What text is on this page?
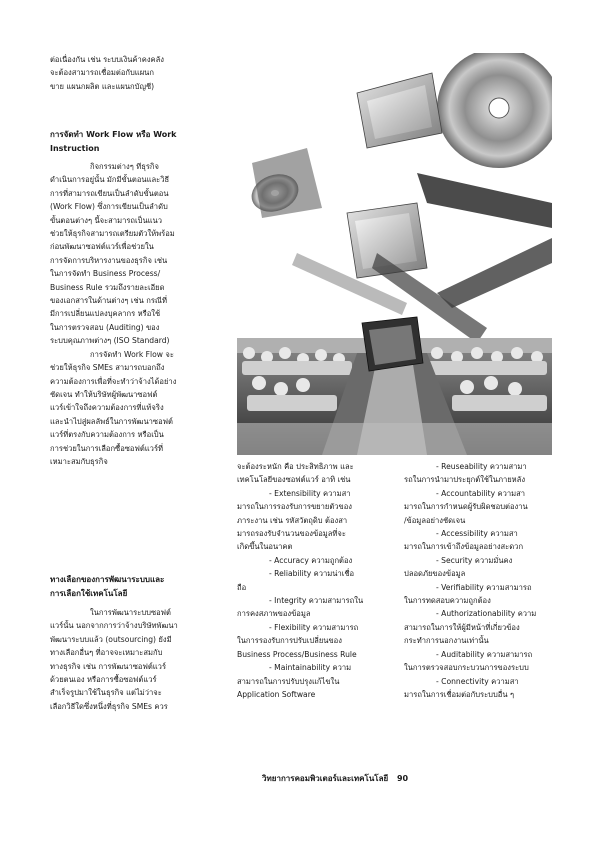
ต่อเนื่องกัน เช่น ระบบเงินค้าคงคลัง
จะต้องสามารถเชื่อมต่อกับแผนก
ขาย แผนกผลิต และแผนกบัญชี)
การจัดทำ Work Flow หรือ Work
Instruction
กิจกรรมต่างๆ ทีธุรกิจ
ดำเนินการอยู่นั้น มักมีขั้นตอนและวิธี
การที่สามารถเขียนเป็นลำดับขั้นตอน
(Work Flow) ซึ่งการเขียนเป็นลำดับ
ขั้นตอนต่างๆ นี้จะสามารถเป็นแนว
ช่วยให้ธุรกิจสามารถเตรียมตัวให้พร้อม
ก่อนพัฒนาซอฟต์แวร์เพื่อช่วยใน
การจัดการบริหารงานของธุรกิจ เช่น
ในการจัดทำ Business Process/
Business Rule รวมถึงรายละเอียด
ของเอกสารในด้านต่างๆ เช่น กรณีที่
มีการเปลี่ยนแปลงบุคลากร หรือใช้
ในการตรวจสอบ (Auditing) ของ
ระบบคุณภาพต่างๆ (ISO Standard)
การจัดทำ Work Flow จะ
ช่วยให้ธุรกิจ SMEs สามารถบอกถึง
ความต้องการเพื่อที่จะทำว่าจ้างได้อย่าง
ชัดเจน ทำให้บริษัทผู้พัฒนาซอฟต์
แวร์เข้าใจถึงความต้องการที่แท้จริง
และนำไปสู่ผลลัพธ์ในการพัฒนาซอฟต์
แวร์ที่ตรงกับความต้องการ หรือเป็น
การช่วยในการเลือกซื้อซอฟต์แวร์ที่
เหมาะสมกับธุรกิจ
ทางเลือกของการพัฒนาระบบและ
การเลือกใช้เทคโนโลยี
ในการพัฒนาระบบซอฟต์
แวร์นั้น นอกจากการว่าจ้างบริษัทพัฒนา
พัฒนาระบบแล้ว (outsourcing) ยังมี
ทางเลือกอื่นๆ ที่อาจจะเหมาะสมกับ
ทางธุรกิจ เช่น การพัฒนาซอฟต์แวร์
ด้วยตนเอง หรือการซื้อซอฟต์แวร์
สำเร็จรูปมาใช้ในธุรกิจ แต่ไม่ว่าจะ
เลือกวิธีใดซึ่งหนึ่งที่ธุรกิจ SMEs ควร
จะต้องระหนัก คือ ประสิทธิภาพ และ
เทคโนโลยีของซอฟต์แวร์ อาทิ เช่น
- Extensibility ความสา
มารถในการรองรับการขยายตัวของ
ภาระงาน เช่น รหัสวัตถุดิบ ต้องสา
มารถรองรับจำนวนของข้อมูลที่จะ
เกิดขึ้นในอนาคต
- Accuracy ความถูกต้อง
- Reliability ความน่าเชื่อ
ถือ
- Integrity ความสามารถใน
การคงสภาพของข้อมูล
- Flexibility ความสามารถ
ในการรองรับการปรับเปลี่ยนของ
Business Process/Business Rule
- Maintainability ความ
สามารถในการปรับปรุงแก้ไขใน
Application Software
- Reuseability ความสามา
รถในการนำมาประยุกต์ใช้ในภายหลัง
- Accountability ความสา
มารถในการกำหนดผู้รับผิดชอบต่องาน
/ข้อมูลอย่างชัดเจน
- Accessibility ความสา
มารถในการเข้าถึงข้อมูลอย่างสะดวก
- Security ความมั่นคง
ปลอดภัยของข้อมูล
- Verifiability ความสามารถ
ในการทดสอบความถูกต้อง
- Authorizationability ความ
สามารถในการให้ผู้มีหน้าที่เกี่ยวข้อง
กระทำการนอกงานเท่านั้น
- Auditability ความสามารถ
ในการตรวจสอบกระบวนการของระบบ
- Connectivity ความสา
มารถในการเชื่อมต่อกับระบบอื่น ๆ
วิทยาการคอมพิวเตอร์และเทคโนโลยี 90
